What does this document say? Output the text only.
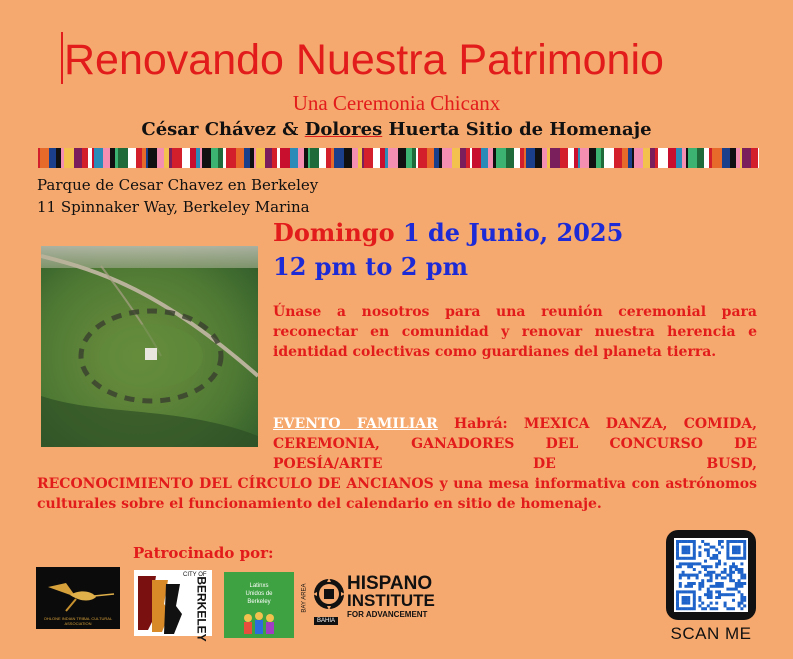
Renovando Nuestra Patrimonio
Una Ceremonia Chicanx
César Chávez & Dolores Huerta Sitio de Homenaje
Parque de Cesar Chavez en Berkeley
11 Spinnaker Way, Berkeley Marina
Domingo 1 de Junio, 2025
12 pm to 2 pm
Únase a nosotros para una reunión ceremonial para reconectar en comunidad y renovar nuestra herencia e identidad colectivas como guardianes del planeta tierra.
EVENTO FAMILIAR Habrá: MEXICA DANZA, COMIDA, CEREMONIA, GANADORES DEL CONCURSO DE POESÍA/ARTE DE BUSD,
RECONOCIMIENTO DEL CÍRCULO DE ANCIANOS y una mesa informativa con astrónomos culturales sobre el funcionamiento del calendario en sitio de homenaje.
Patrocinado por:
OHLONE INDIAN TRIBAL CULTURAL ASSOCIATION
CITY OF
BERKELEY	Latinxs
Unidos de
Berkeley	BAY AREA
BAHIA
HISPANO
INSTITUTE
FOR ADVANCEMENT
SCAN ME
